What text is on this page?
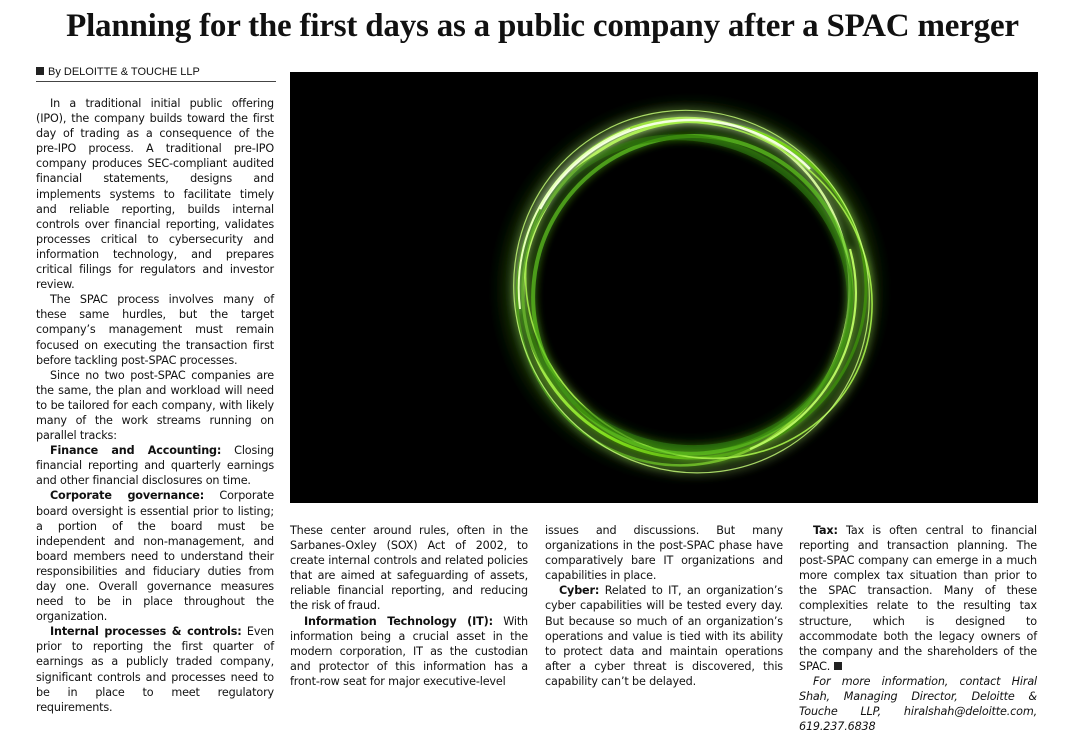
Planning for the first days as a public company after a SPAC merger
By DELOITTE & TOUCHE LLP

In a traditional initial public offering (IPO), the company builds toward the first day of trading as a consequence of the pre-IPO process. A traditional pre-IPO company produces SEC-compliant audited financial statements, designs and implements systems to facilitate timely and reliable reporting, builds internal controls over financial reporting, validates processes critical to cybersecurity and information technology, and prepares critical filings for regulators and investor review.

The SPAC process involves many of these same hurdles, but the target company’s management must remain focused on executing the transaction first before tackling post-SPAC processes.

Since no two post-SPAC companies are the same, the plan and workload will need to be tailored for each company, with likely many of the work streams running on parallel tracks:

Finance and Accounting: Closing financial reporting and quarterly earnings and other financial disclosures on time.

Corporate governance: Corporate board oversight is essential prior to listing; a portion of the board must be independent and non-management, and board members need to understand their responsibilities and fiduciary duties from day one. Overall governance measures need to be in place throughout the organization.

Internal processes & controls: Even prior to reporting the first quarter of earnings as a publicly traded company, significant controls and processes need to be in place to meet regulatory requirements.

These center around rules, often in the Sarbanes-Oxley (SOX) Act of 2002, to create internal controls and related policies that are aimed at safeguarding of assets, reliable financial reporting, and reducing the risk of fraud.

Information Technology (IT): With information being a crucial asset in the modern corporation, IT as the custodian and protector of this information has a front-row seat for major executive-level

issues and discussions. But many organizations in the post-SPAC phase have comparatively bare IT organizations and capabilities in place.

Cyber: Related to IT, an organization’s cyber capabilities will be tested every day. But because so much of an organization’s operations and value is tied with its ability to protect data and maintain operations after a cyber threat is discovered, this capability can’t be delayed.

Tax: Tax is often central to financial reporting and transaction planning. The post-SPAC company can emerge in a much more complex tax situation than prior to the SPAC transaction. Many of these complexities relate to the resulting tax structure, which is designed to accommodate both the legacy owners of the company and the shareholders of the SPAC.

For more information, contact Hiral Shah, Managing Director, Deloitte & Touche LLP, hiralshah@deloitte.com, 619.237.6838
